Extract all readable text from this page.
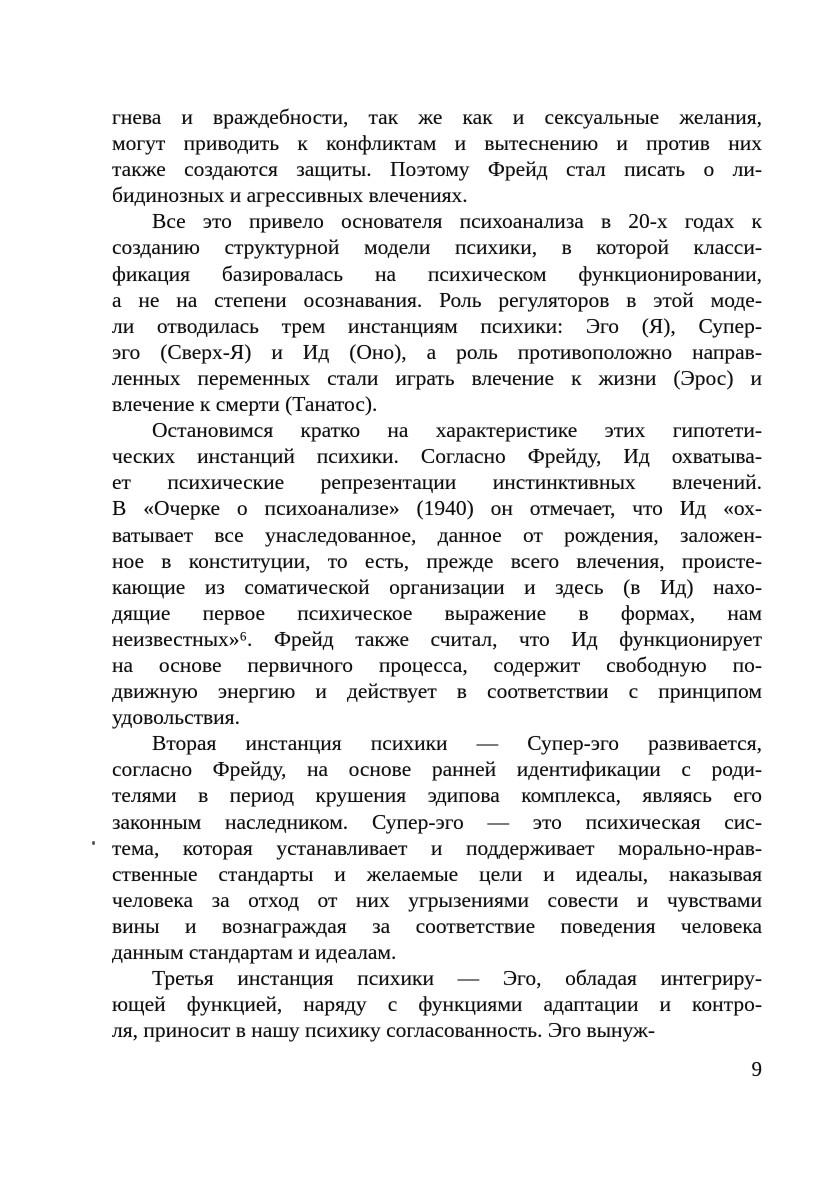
гнева и враждебности, так же как и сексуальные желания,
могут приводить к конфликтам и вытеснению и против них
также создаются защиты. Поэтому Фрейд стал писать о ли-
бидинозных и агрессивных влечениях.
Все это привело основателя психоанализа в 20-х годах к
созданию структурной модели психики, в которой класси-
фикация базировалась на психическом функционировании,
а не на степени осознавания. Роль регуляторов в этой моде-
ли отводилась трем инстанциям психики: Эго (Я), Супер-
эго (Сверх-Я) и Ид (Оно), а роль противоположно направ-
ленных переменных стали играть влечение к жизни (Эрос) и
влечение к смерти (Танатос).
Остановимся кратко на характеристике этих гипотети-
ческих инстанций психики. Согласно Фрейду, Ид охватыва-
ет психические репрезентации инстинктивных влечений.
В «Очерке о психоанализе» (1940) он отмечает, что Ид «ох-
ватывает все унаследованное, данное от рождения, заложен-
ное в конституции, то есть, прежде всего влечения, происте-
кающие из соматической организации и здесь (в Ид) нахо-
дящие первое психическое выражение в формах, нам
неизвестных»⁶. Фрейд также считал, что Ид функционирует
на основе первичного процесса, содержит свободную по-
движную энергию и действует в соответствии с принципом
удовольствия.
Вторая инстанция психики — Супер-эго развивается,
согласно Фрейду, на основе ранней идентификации с роди-
телями в период крушения эдипова комплекса, являясь его
законным наследником. Супер-эго — это психическая сис-
тема, которая устанавливает и поддерживает морально-нрав-
ственные стандарты и желаемые цели и идеалы, наказывая
человека за отход от них угрызениями совести и чувствами
вины и вознаграждая за соответствие поведения человека
данным стандартам и идеалам.
Третья инстанция психики — Эго, обладая интегриру-
ющей функцией, наряду с функциями адаптации и контро-
ля, приносит в нашу психику согласованность. Эго вынуж-
9
